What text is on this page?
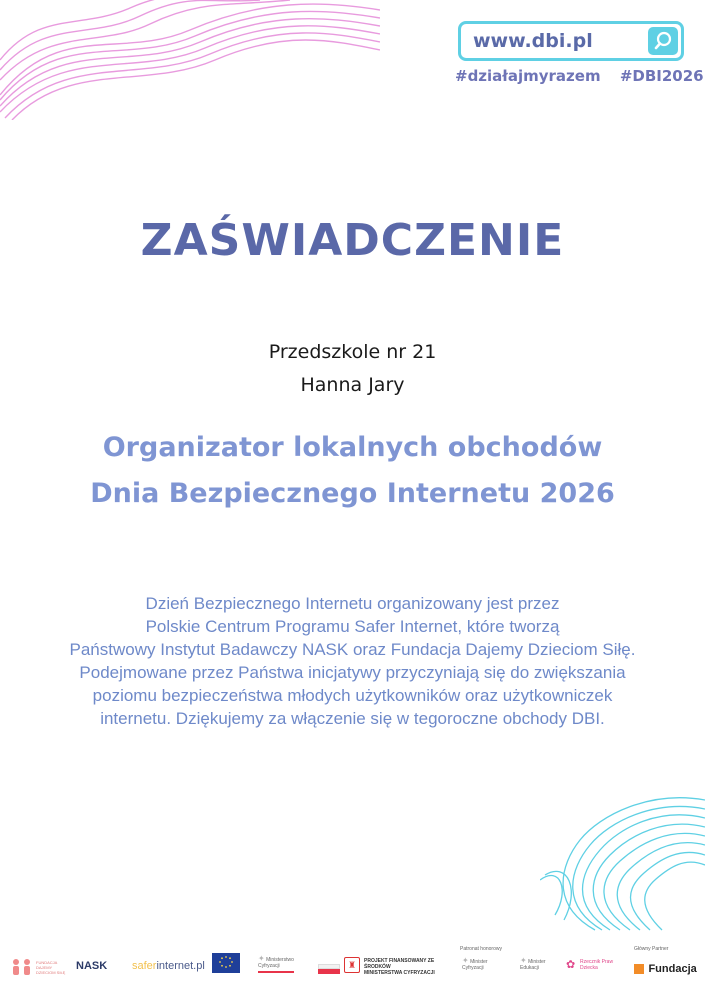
www.dbi.pl
#działajmyrazem #DBI2026
ZAŚWIADCZENIE
Przedszkole nr 21
Hanna Jary
Organizator lokalnych obchodów
Dnia Bezpiecznego Internetu 2026
Dzień Bezpiecznego Internetu organizowany jest przez
Polskie Centrum Programu Safer Internet, które tworzą
Państwowy Instytut Badawczy NASK oraz Fundacja Dajemy Dzieciom Siłę.
Podejmowane przez Państwa inicjatywy przyczyniają się do zwiększania
poziomu bezpieczeństwa młodych użytkowników oraz użytkowniczek
internetu. Dziękujemy za włączenie się w tegoroczne obchody DBI.
FUNDACJA DAJEMY DZIECIOM SIŁĘ
NASK saferinternet.pl
✦ Ministerstwo Cyfryzacji	♜	PROJEKT FINANSOWANY ZE ŚRODKÓW
MINISTERSTWA CYFRYZACJI
Patronat honorowy
✦ Minister Cyfryzacji
✦ Minister Edukacji	✿ Rzecznik Praw Dziecka
Główny Partner
Fundacja
